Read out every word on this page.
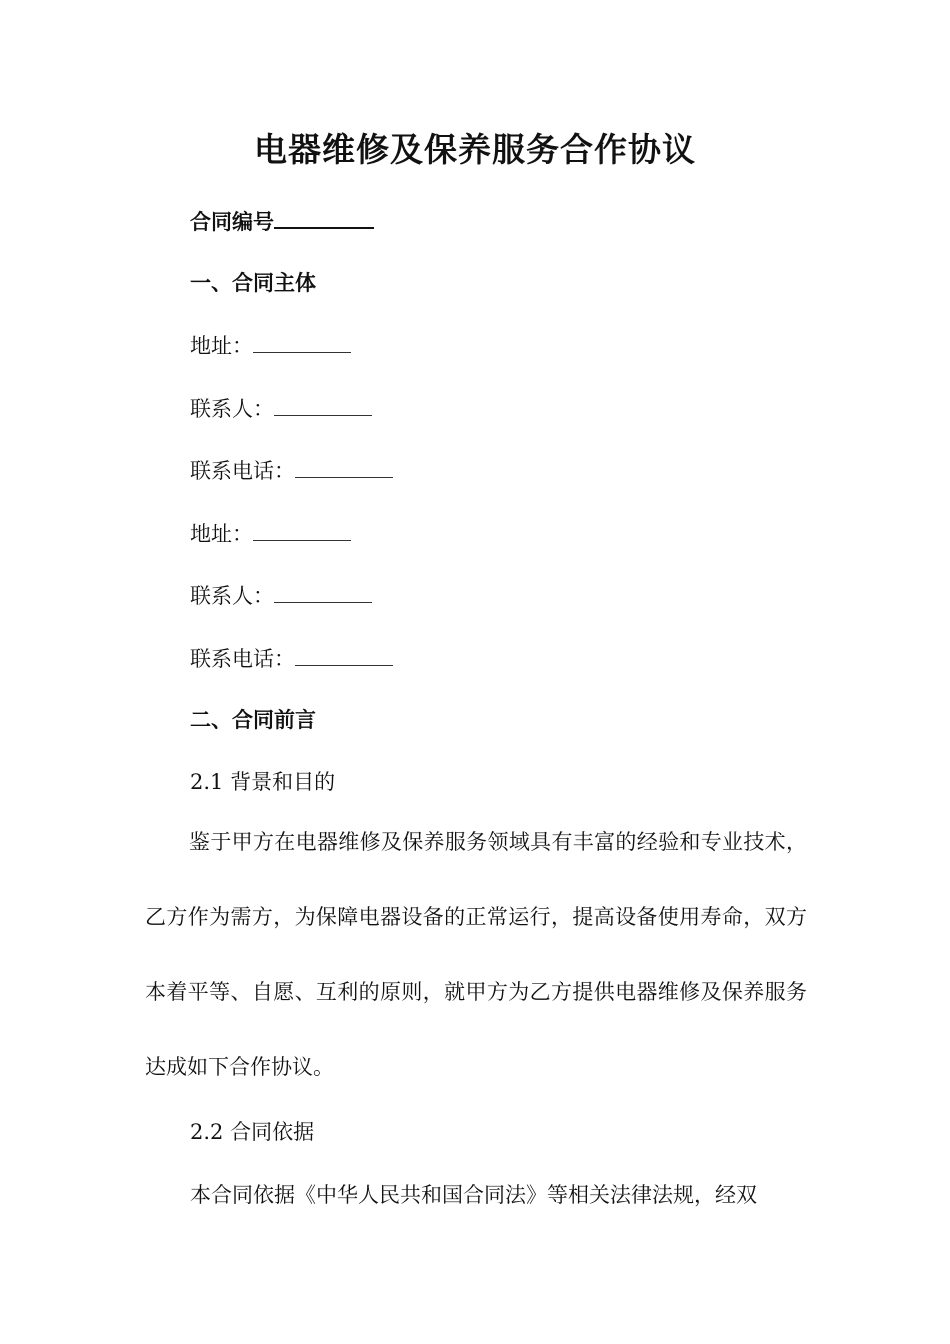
电器维修及保养服务合作协议
合同编号
一、合同主体
地址：
联系人：
联系电话：
地址：
联系人：
联系电话：
二、合同前言
2.1 背景和目的
鉴于甲方在电器维修及保养服务领域具有丰富的经验和专业技术，乙方作为需方，为保障电器设备的正常运行，提高设备使用寿命，双方本着平等、自愿、互利的原则，就甲方为乙方提供电器维修及保养服务达成如下合作协议。
2.2 合同依据
本合同依据《中华人民共和国合同法》等相关法律法规，经双
